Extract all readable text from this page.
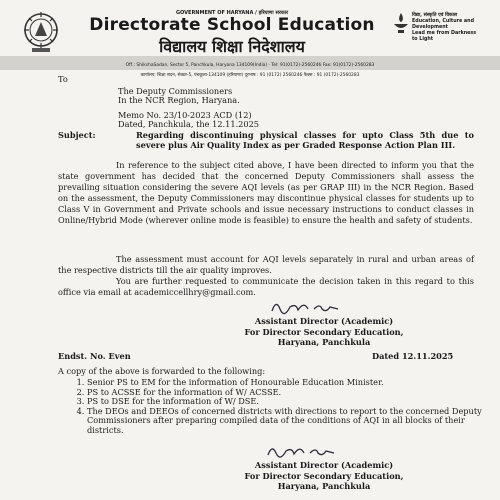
GOVERNMENT OF HARYANA / हरियाणा सरकार
Directorate School Education
विद्यालय शिक्षा निदेशालय
विद्या, संस्कृति एवं विकास
Education, Culture and Development
Lead me from Darkness to Light

Off.: ShikshaSadan, Sector 5, Panchkula, Haryana 134109(India) · Tel: 91(0172)-2560246 Fax: 91(0172)-2560283

कार्यालय: शिक्षा सदन, सेक्टर-5, पंचकूला-134109 (हरियाणा) दूरभाष : 91 (0172) 2560246 फैक्स : 91 (0172)-2560283

To
The Deputy Commissioners
In the NCR Region, Haryana.
Memo No. 23/10-2023 ACD (12)
Dated, Panchkula, the 12.11.2025
Subject:	Regarding discontinuing physical classes for upto Class 5th due to severe plus Air Quality Index as per Graded Response Action Plan III.
In reference to the subject cited above, I have been directed to inform you that the state government has decided that the concerned Deputy Commissioners shall assess the prevailing situation considering the severe AQI levels (as per GRAP III) in the NCR Region. Based on the assessment, the Deputy Commissioners may discontinue physical classes for students up to Class V in Government and Private schools and issue necessary instructions to conduct classes in Online/Hybrid Mode (wherever online mode is feasible) to ensure the health and safety of students.
The assessment must account for AQI levels separately in rural and urban areas of the respective districts till the air quality improves.
You are further requested to communicate the decision taken in this regard to this office via email at academiccellhry@gmail.com.
Assistant Director (Academic)
For Director Secondary Education,
Haryana, Panchkula
Endst. No. Even	Dated 12.11.2025
A copy of the above is forwarded to the following:
1. Senior PS to EM for the information of Honourable Education Minister.
2. PS to ACSSE for the information of W/ ACSSE.
3. PS to DSE for the information of W/ DSE.
4. The DEOs and DEEOs of concerned districts with directions to report to the concerned Deputy Commissioners after preparing compiled data of the conditions of AQI in all blocks of their districts.
Assistant Director (Academic)
For Director Secondary Education,
Haryana, Panchkula
